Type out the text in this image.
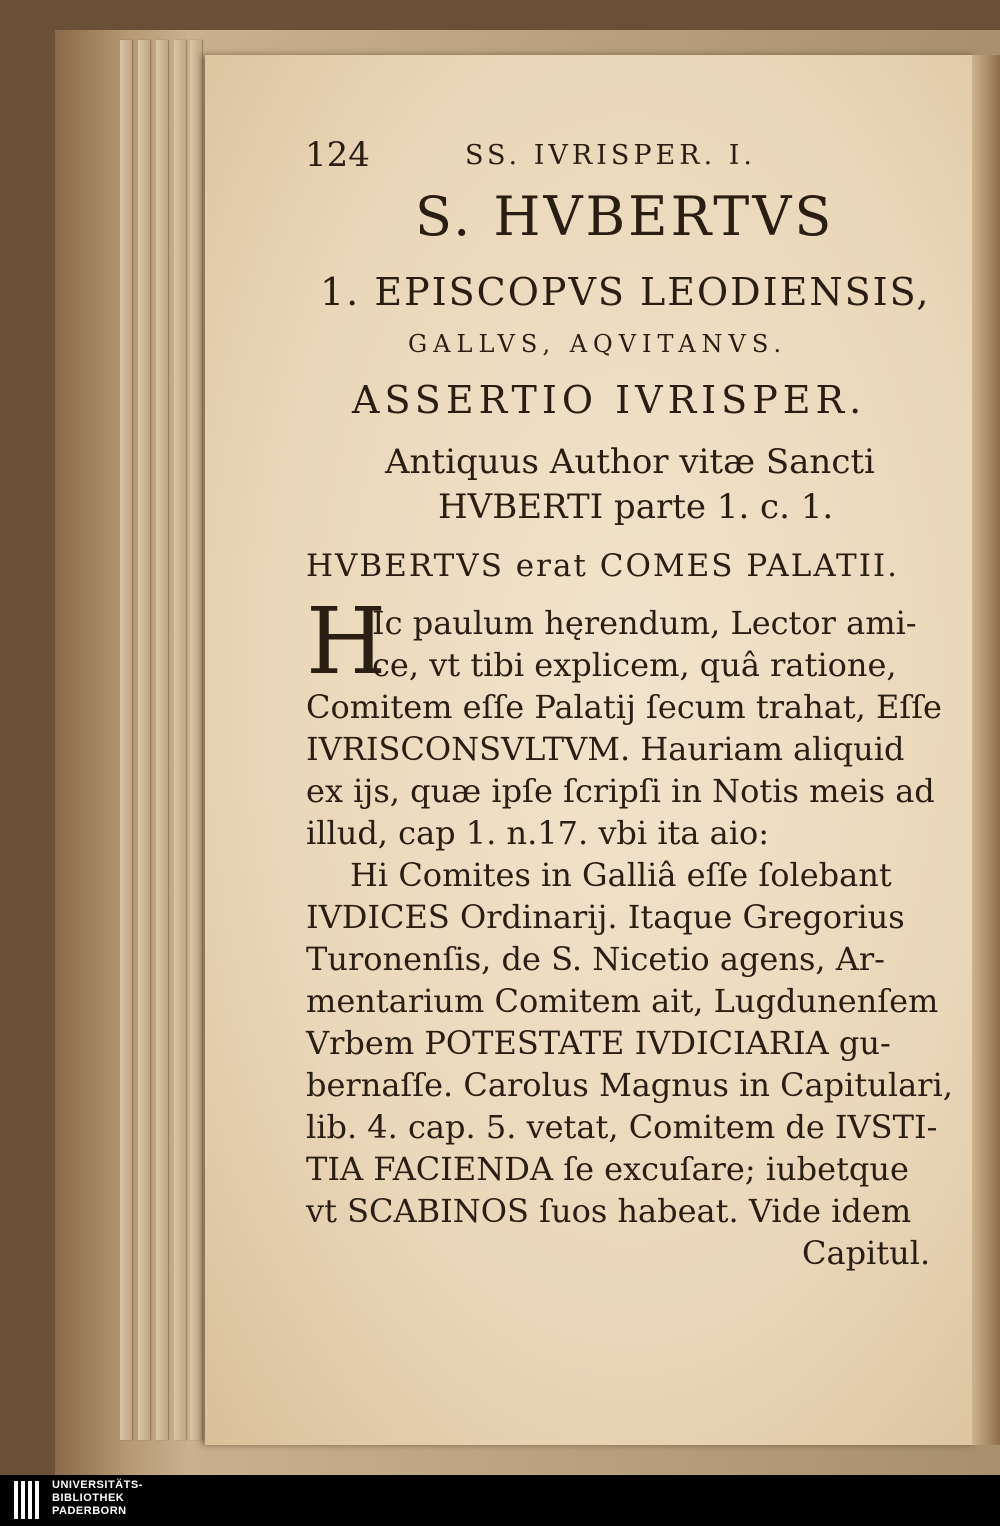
124	SS. IVRISPER. I.
S. HVBERTVS
1. EPISCOPVS LEODIENSIS,
GALLVS, AQVITANVS.
ASSERTIO IVRISPER.
Antiquus Author vitæ Sancti
HVBERTI parte 1. c. 1.
HVBERTVS erat COMES PALATII.
H
Ic paulum hęrendum, Lector ami-
ce, vt tibi explicem, quâ ratione,
Comitem eſſe Palatij ſecum trahat, Eſſe
IVRISCONSVLTVM. Hauriam aliquid
ex ijs, quæ ipſe ſcripſi in Notis meis ad
illud, cap 1. n.17. vbi ita aio:
Hi Comites in Galliâ eſſe ſolebant
IVDICES Ordinarij. Itaque Gregorius
Turonenſis, de S. Nicetio agens, Ar-
mentarium Comitem ait, Lugdunenſem
Vrbem POTESTATE IVDICIARIA gu-
bernaſſe. Carolus Magnus in Capitulari,
lib. 4. cap. 5. vetat, Comitem de IVSTI-
TIA FACIENDA ſe excuſare; iubetque
vt SCABINOS ſuos habeat. Vide idem
Capitul.
UNIVERSITÄTS-
BIBLIOTHEK
PADERBORN
